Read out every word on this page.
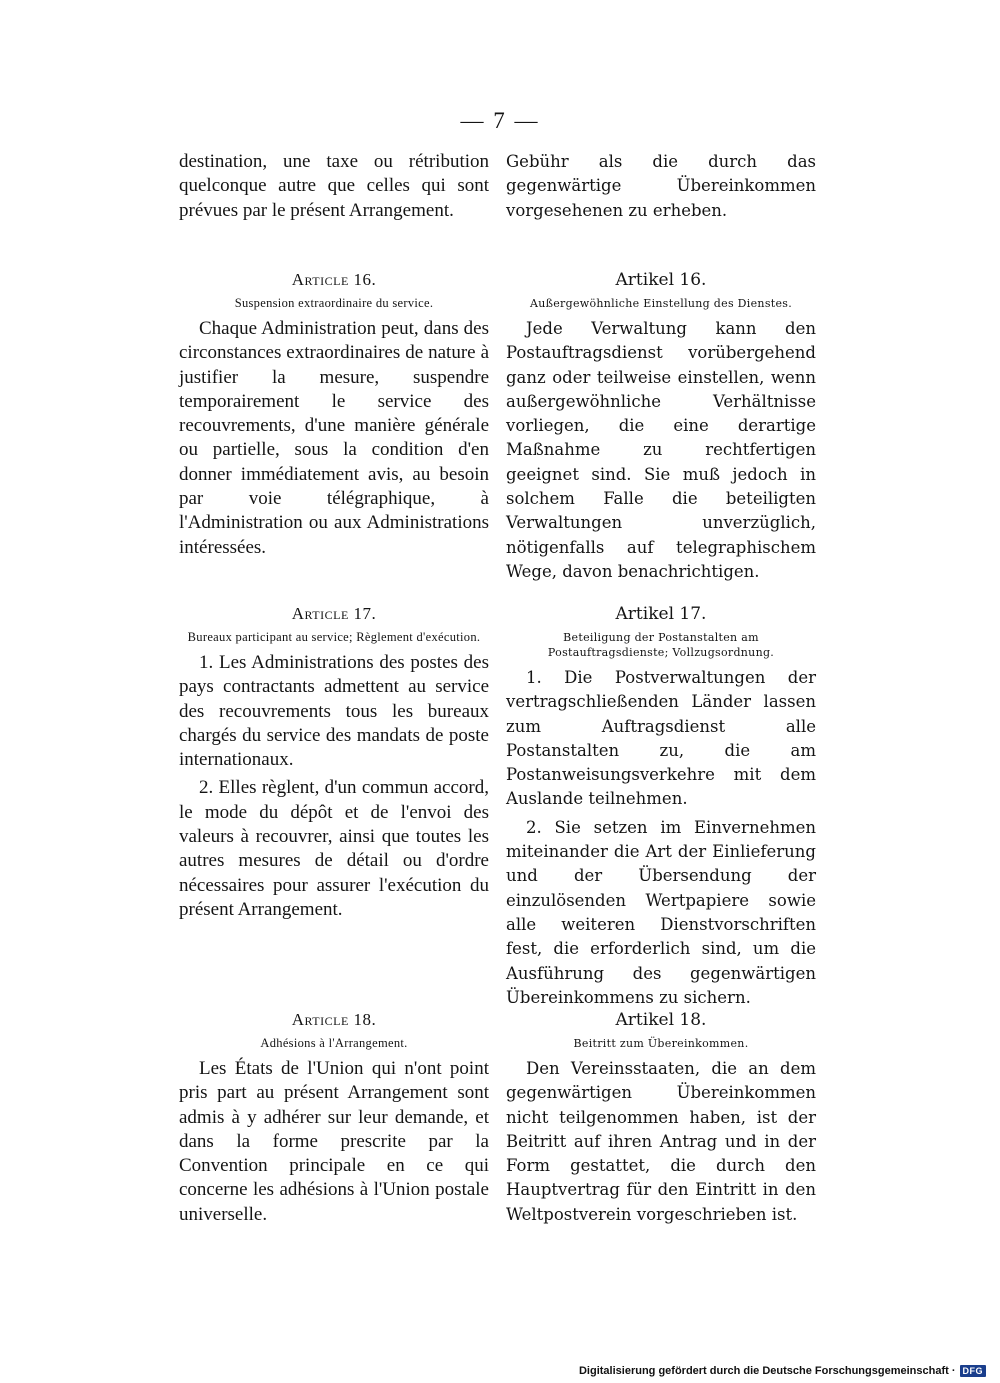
— 7 —

destination, une taxe ou rétribution quelconque autre que celles qui sont prévues par le présent Arrangement.

Gebühr als die durch das gegenwärtige Übereinkommen vorgesehenen zu erheben.

Article 16.
Suspension extraordinaire du service.

Chaque Administration peut, dans des circonstances extraordinaires de nature à justifier la mesure, suspendre temporairement le service des recouvrements, d'une manière générale ou partielle, sous la condition d'en donner immédiatement avis, au besoin par voie télégraphique, à l'Administration ou aux Administrations intéressées.

Artikel 16.
Außergewöhnliche Einstellung des Dienstes.

Jede Verwaltung kann den Postauftragsdienst vorübergehend ganz oder teilweise einstellen, wenn außergewöhnliche Verhältnisse vorliegen, die eine derartige Maßnahme zu rechtfertigen geeignet sind. Sie muß jedoch in solchem Falle die beteiligten Verwaltungen unverzüglich, nötigenfalls auf telegraphischem Wege, davon benachrichtigen.

Article 17.
Bureaux participant au service; Règlement d'exécution.

1. Les Administrations des postes des pays contractants admettent au service des recouvrements tous les bureaux chargés du service des mandats de poste internationaux.

2. Elles règlent, d'un commun accord, le mode du dépôt et de l'envoi des valeurs à recouvrer, ainsi que toutes les autres mesures de détail ou d'ordre nécessaires pour assurer l'exécution du présent Arrangement.

Artikel 17.
Beteiligung der Postanstalten am Postauftragsdienste; Vollzugsordnung.

1. Die Postverwaltungen der vertragschließenden Länder lassen zum Auftragsdienst alle Postanstalten zu, die am Postanweisungsverkehre mit dem Auslande teilnehmen.

2. Sie setzen im Einvernehmen miteinander die Art der Einlieferung und der Übersendung der einzulösenden Wertpapiere sowie alle weiteren Dienstvorschriften fest, die erforderlich sind, um die Ausführung des gegenwärtigen Übereinkommens zu sichern.

Article 18.
Adhésions à l'Arrangement.

Les États de l'Union qui n'ont point pris part au présent Arrangement sont admis à y adhérer sur leur demande, et dans la forme prescrite par la Convention principale en ce qui concerne les adhésions à l'Union postale universelle.

Artikel 18.
Beitritt zum Übereinkommen.

Den Vereinsstaaten, die an dem gegenwärtigen Übereinkommen nicht teilgenommen haben, ist der Beitritt auf ihren Antrag und in der Form gestattet, die durch den Hauptvertrag für den Eintritt in den Weltpostverein vorgeschrieben ist.

Digitalisierung gefördert durch die Deutsche Forschungsgemeinschaft · DFG
